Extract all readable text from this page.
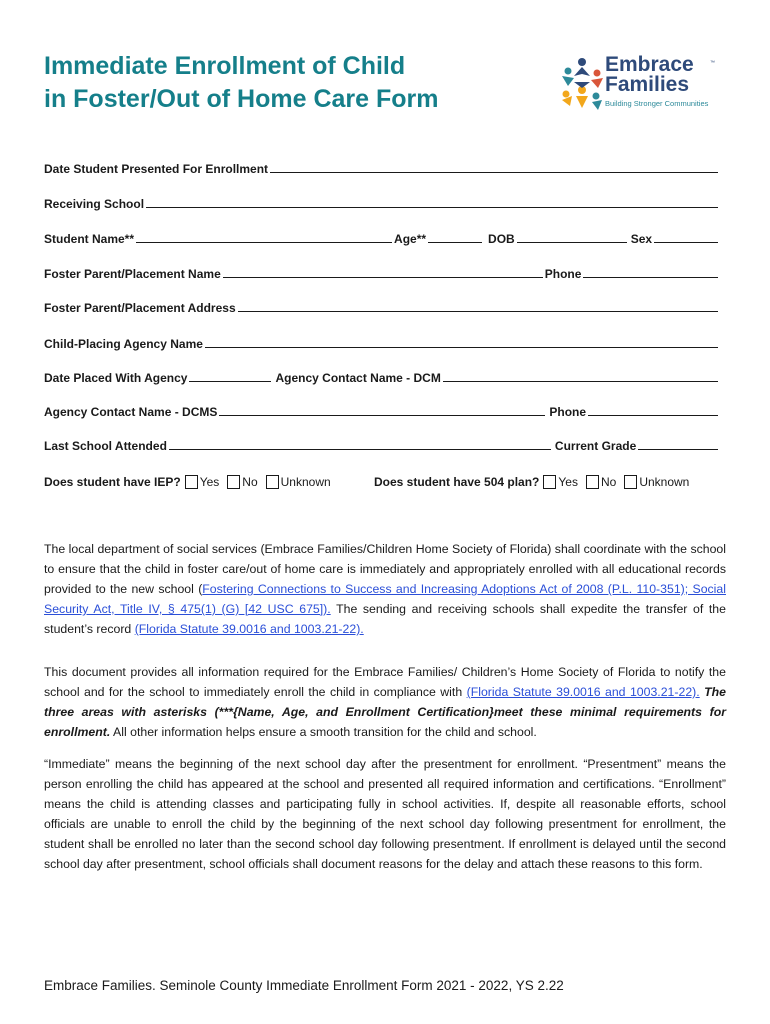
Immediate Enrollment of Child
in Foster/Out of Home Care Form
Embrace
Families
™
Building Stronger Communities
Date Student Presented For Enrollment
Receiving School
Student Name**	Age**	DOB	Sex
Foster Parent/Placement Name	Phone
Foster Parent/Placement Address
Child-Placing Agency Name
Date Placed With Agency	Agency Contact Name - DCM
Agency Contact Name - DCMS	Phone
Last School Attended	Current Grade
Does student have IEP? Yes No Unknown	Does student have 504 plan? Yes No Unknown
The local department of social services (Embrace Families/Children Home Society of Florida) shall coordinate with the school to ensure that the child in foster care/out of home care is immediately and appropriately enrolled with all educational records provided to the new school (Fostering Connections to Success and Increasing Adoptions Act of 2008 (P.L. 110-351); Social Security Act, Title IV, § 475(1) (G) [42 USC 675]). The sending and receiving schools shall expedite the transfer of the student’s record (Florida Statute 39.0016 and 1003.21-22).
This document provides all information required for the Embrace Families/ Children’s Home Society of Florida to notify the school and for the school to immediately enroll the child in compliance with (Florida Statute 39.0016 and 1003.21-22). The three areas with asterisks (***{Name, Age, and Enrollment Certification}meet these minimal requirements for enrollment. All other information helps ensure a smooth transition for the child and school.
“Immediate” means the beginning of the next school day after the presentment for enrollment. “Presentment” means the person enrolling the child has appeared at the school and presented all required information and certifications. “Enrollment” means the child is attending classes and participating fully in school activities. If, despite all reasonable efforts, school officials are unable to enroll the child by the beginning of the next school day following presentment for enrollment, the student shall be enrolled no later than the second school day following presentment. If enrollment is delayed until the second school day after presentment, school officials shall document reasons for the delay and attach these reasons to this form.
Embrace Families. Seminole County Immediate Enrollment Form 2021 - 2022, YS 2.22
